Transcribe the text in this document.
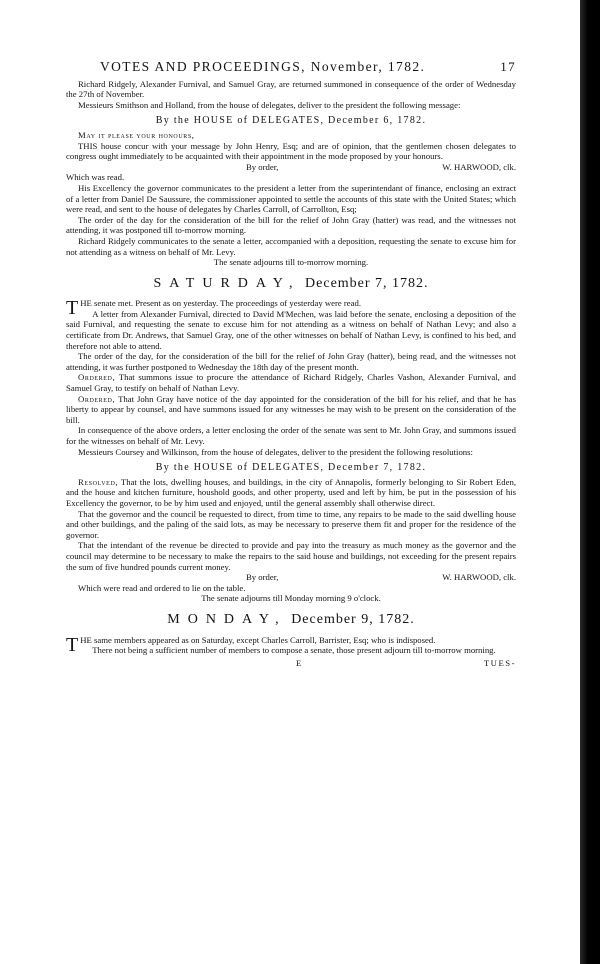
VOTES AND PROCEEDINGS, November, 1782.	17

Richard Ridgely, Alexander Furnival, and Samuel Gray, are returned summoned in consequence of the order of Wednesday the 27th of November.

Messieurs Smithson and Holland, from the house of delegates, deliver to the president the following message:

By the HOUSE of DELEGATES, December 6, 1782.

May it please your honours,

THIS house concur with your message by John Henry, Esq; and are of opinion, that the gentlemen chosen delegates to congress ought immediately to be acquainted with their appointment in the mode proposed by your honours.

By order,	W. HARWOOD, clk.

Which was read.

His Excellency the governor communicates to the president a letter from the superintendant of finance, enclosing an extract of a letter from Daniel De Saussure, the commissioner appointed to settle the accounts of this state with the United States; which were read, and sent to the house of delegates by Charles Carroll, of Carrollton, Esq;

The order of the day for the consideration of the bill for the relief of John Gray (hatter) was read, and the witnesses not attending, it was postponed till to-morrow morning.

Richard Ridgely communicates to the senate a letter, accompanied with a deposition, requesting the senate to excuse him for not attending as a witness on behalf of Mr. Levy.

The senate adjourns till to-morrow morning.

SATURDAY, December 7, 1782.

THE senate met. Present as on yesterday. The proceedings of yesterday were read.

A letter from Alexander Furnival, directed to David M'Mechen, was laid before the senate, enclosing a deposition of the said Furnival, and requesting the senate to excuse him for not attending as a witness on behalf of Nathan Levy; and also a certificate from Dr. Andrews, that Samuel Gray, one of the other witnesses on behalf of Nathan Levy, is confined to his bed, and therefore not able to attend.

The order of the day, for the consideration of the bill for the relief of John Gray (hatter), being read, and the witnesses not attending, it was further postponed to Wednesday the 18th day of the present month.

Ordered, That summons issue to procure the attendance of Richard Ridgely, Charles Vashon, Alexander Furnival, and Samuel Gray, to testify on behalf of Nathan Levy.

Ordered, That John Gray have notice of the day appointed for the consideration of the bill for his relief, and that he has liberty to appear by counsel, and have summons issued for any witnesses he may wish to be present on the consideration of the bill.

In consequence of the above orders, a letter enclosing the order of the senate was sent to Mr. John Gray, and summons issued for the witnesses on behalf of Mr. Levy.

Messieurs Coursey and Wilkinson, from the house of delegates, deliver to the president the following resolutions:

By the HOUSE of DELEGATES, December 7, 1782.

Resolved, That the lots, dwelling houses, and buildings, in the city of Annapolis, formerly belonging to Sir Robert Eden, and the house and kitchen furniture, houshold goods, and other property, used and left by him, be put in the possession of his Excellency the governor, to be by him used and enjoyed, until the general assembly shall otherwise direct.

That the governor and the council be requested to direct, from time to time, any repairs to be made to the said dwelling house and other buildings, and the paling of the said lots, as may be necessary to preserve them fit and proper for the residence of the governor.

That the intendant of the revenue be directed to provide and pay into the treasury as much money as the governor and the council may determine to be necessary to make the repairs to the said house and buildings, not exceeding for the present repairs the sum of five hundred pounds current money.

By order,	W. HARWOOD, clk.

Which were read and ordered to lie on the table.

The senate adjourns till Monday morning 9 o'clock.

MONDAY, December 9, 1782.

THE same members appeared as on Saturday, except Charles Carroll, Barrister, Esq; who is indisposed.

There not being a sufficient number of members to compose a senate, those present adjourn till to-morrow morning.

E	TUES-
